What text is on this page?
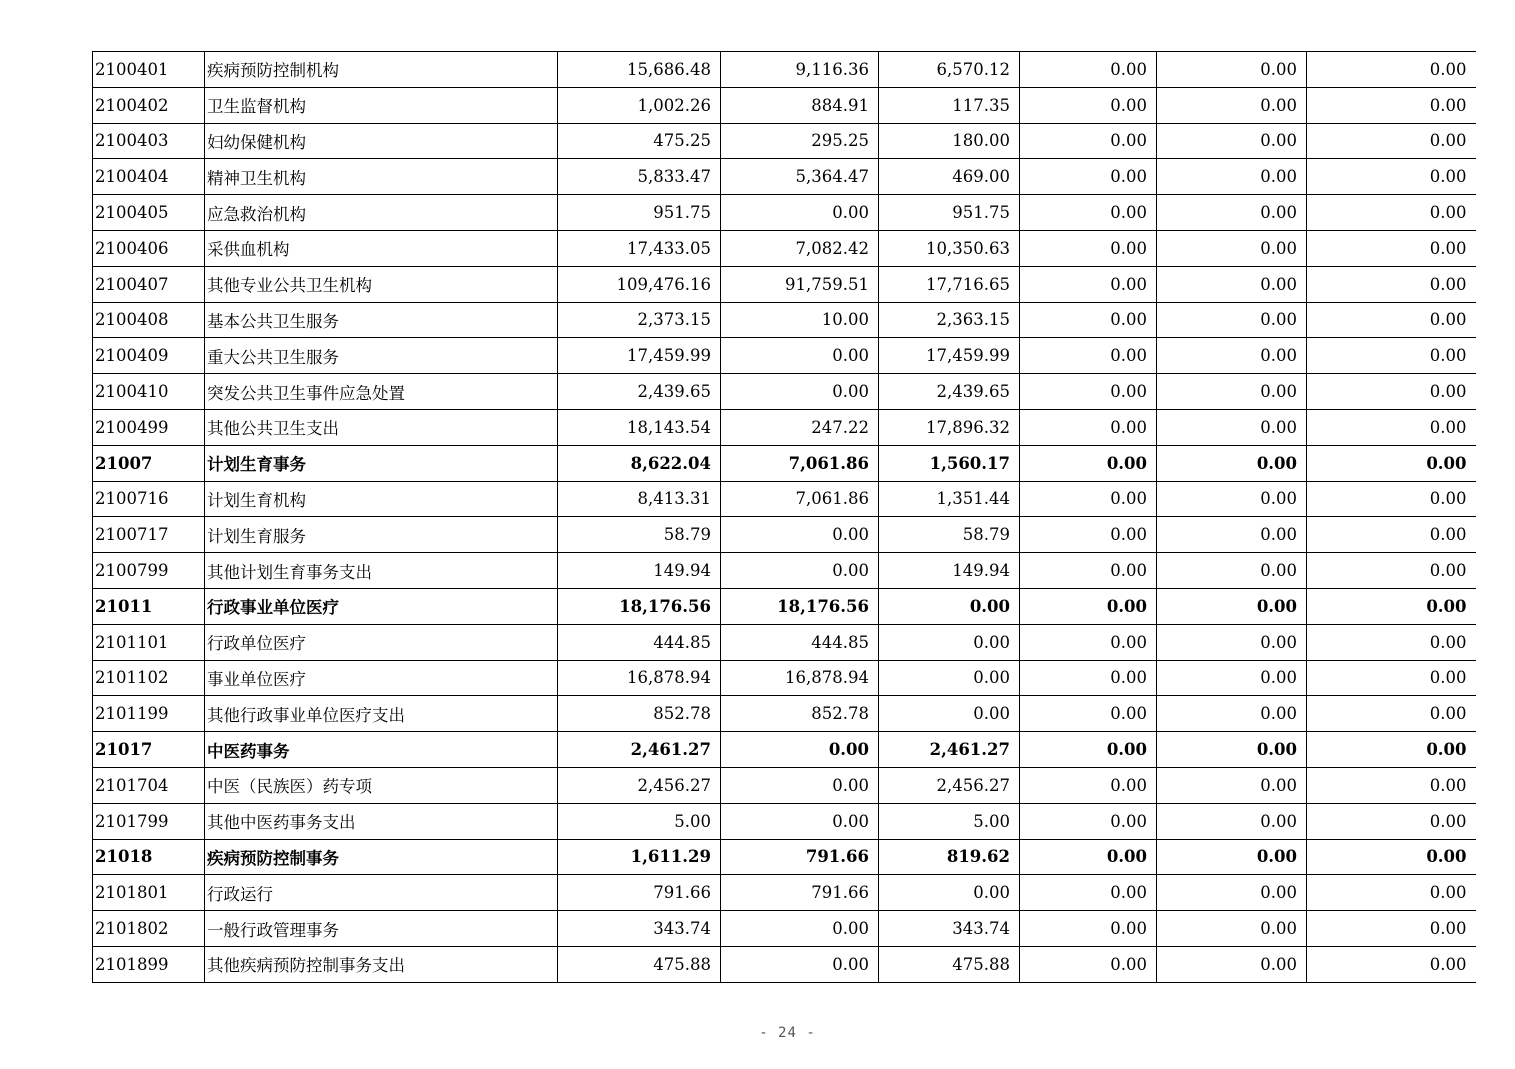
2100401	疾病预防控制机构	15,686.48	9,116.36	6,570.12	0.00	0.00	0.00
2100402	卫生监督机构	1,002.26	884.91	117.35	0.00	0.00	0.00
2100403	妇幼保健机构	475.25	295.25	180.00	0.00	0.00	0.00
2100404	精神卫生机构	5,833.47	5,364.47	469.00	0.00	0.00	0.00
2100405	应急救治机构	951.75	0.00	951.75	0.00	0.00	0.00
2100406	采供血机构	17,433.05	7,082.42	10,350.63	0.00	0.00	0.00
2100407	其他专业公共卫生机构	109,476.16	91,759.51	17,716.65	0.00	0.00	0.00
2100408	基本公共卫生服务	2,373.15	10.00	2,363.15	0.00	0.00	0.00
2100409	重大公共卫生服务	17,459.99	0.00	17,459.99	0.00	0.00	0.00
2100410	突发公共卫生事件应急处置	2,439.65	0.00	2,439.65	0.00	0.00	0.00
2100499	其他公共卫生支出	18,143.54	247.22	17,896.32	0.00	0.00	0.00
21007	计划生育事务	8,622.04	7,061.86	1,560.17	0.00	0.00	0.00
2100716	计划生育机构	8,413.31	7,061.86	1,351.44	0.00	0.00	0.00
2100717	计划生育服务	58.79	0.00	58.79	0.00	0.00	0.00
2100799	其他计划生育事务支出	149.94	0.00	149.94	0.00	0.00	0.00
21011	行政事业单位医疗	18,176.56	18,176.56	0.00	0.00	0.00	0.00
2101101	行政单位医疗	444.85	444.85	0.00	0.00	0.00	0.00
2101102	事业单位医疗	16,878.94	16,878.94	0.00	0.00	0.00	0.00
2101199	其他行政事业单位医疗支出	852.78	852.78	0.00	0.00	0.00	0.00
21017	中医药事务	2,461.27	0.00	2,461.27	0.00	0.00	0.00
2101704	中医（民族医）药专项	2,456.27	0.00	2,456.27	0.00	0.00	0.00
2101799	其他中医药事务支出	5.00	0.00	5.00	0.00	0.00	0.00
21018	疾病预防控制事务	1,611.29	791.66	819.62	0.00	0.00	0.00
2101801	行政运行	791.66	791.66	0.00	0.00	0.00	0.00
2101802	一般行政管理事务	343.74	0.00	343.74	0.00	0.00	0.00
2101899	其他疾病预防控制事务支出	475.88	0.00	475.88	0.00	0.00	0.00
- 24 -
